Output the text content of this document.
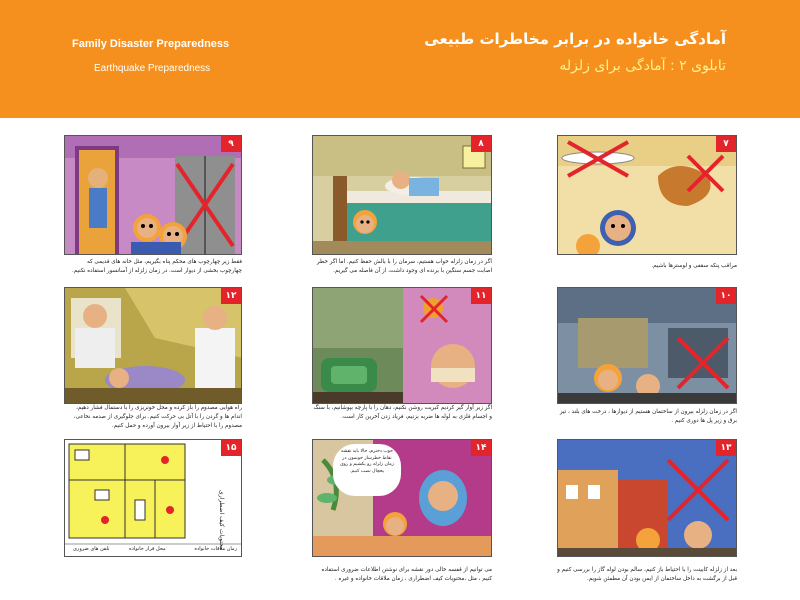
Family Disaster Preparedness
Earthquake Preparedness
آمادگی خانواده در برابر مخاطرات طبیعی
تابلوی ۲ : آمادگی برای زلزله
۹
فقط زیر چهارچوب های محکم پناه بگیریم، مثل خانه های قدیمی که چهارچوب بخشی از دیوار است. در زمان زلزله از آسانسور استفاده نکنیم.
۸
اگر در زمان زلزله خواب هستیم، سرمان را با بالش حفظ کنیم. اما اگر خطر اصابت جسم سنگین با برنده ای وجود داشت، از آن فاصله می گیریم.
۷
مراقب پنکه سقفی و لوسترها باشیم.
۱۲
راه هوایی مصدوم را باز کرده و محل خونریزی را با دستمال فشار دهیم، اندام ها و گردن را با آتل بی حرکت کنیم. برای جلوگیری از صدمه نخاعی، مصدوم را با احتیاط از زیر آوار بیرون آورده و حمل کنیم.
۱۱
اگر زیر آوار گیر کردیم کبریت روشن نکنیم، دهان را با پارچه بپوشانیم، با سنگ و اجسام فلزی به لوله ها ضربه بزنیم، فریاد زدن آخرین کار است.
۱۰
اگر در زمان زلزله بیرون از ساختمان هستیم از دیوارها ، درخت های بلند ، تیر برق و زیر پل ها دوری کنیم .
۱۵
محتویات کیف اضطراری
زمان ملاقات خانواده
محل قرار خانواده
تلفن های ضروری
۱۴
خوب دخترم، حالا باید نقشه نقاط خطرساز خونمون در زمان زلزله رو بکشیم و روی یخچال نصب کنیم.
می توانیم از قفسه خالی دور نقشه برای نوشتن اطلاعات ضروری استفاده کنیم ، مثل ،محتویات کیف اضطراری ، زمان ملاقات خانواده و غیره .
۱۳
بعد از زلزله کابینت را با احتیاط باز کنیم، سالم بودن لوله گاز را بررسی کنیم و قبل از برگشت به داخل ساختمان از ایمن بودن آن مطمئن شویم.
